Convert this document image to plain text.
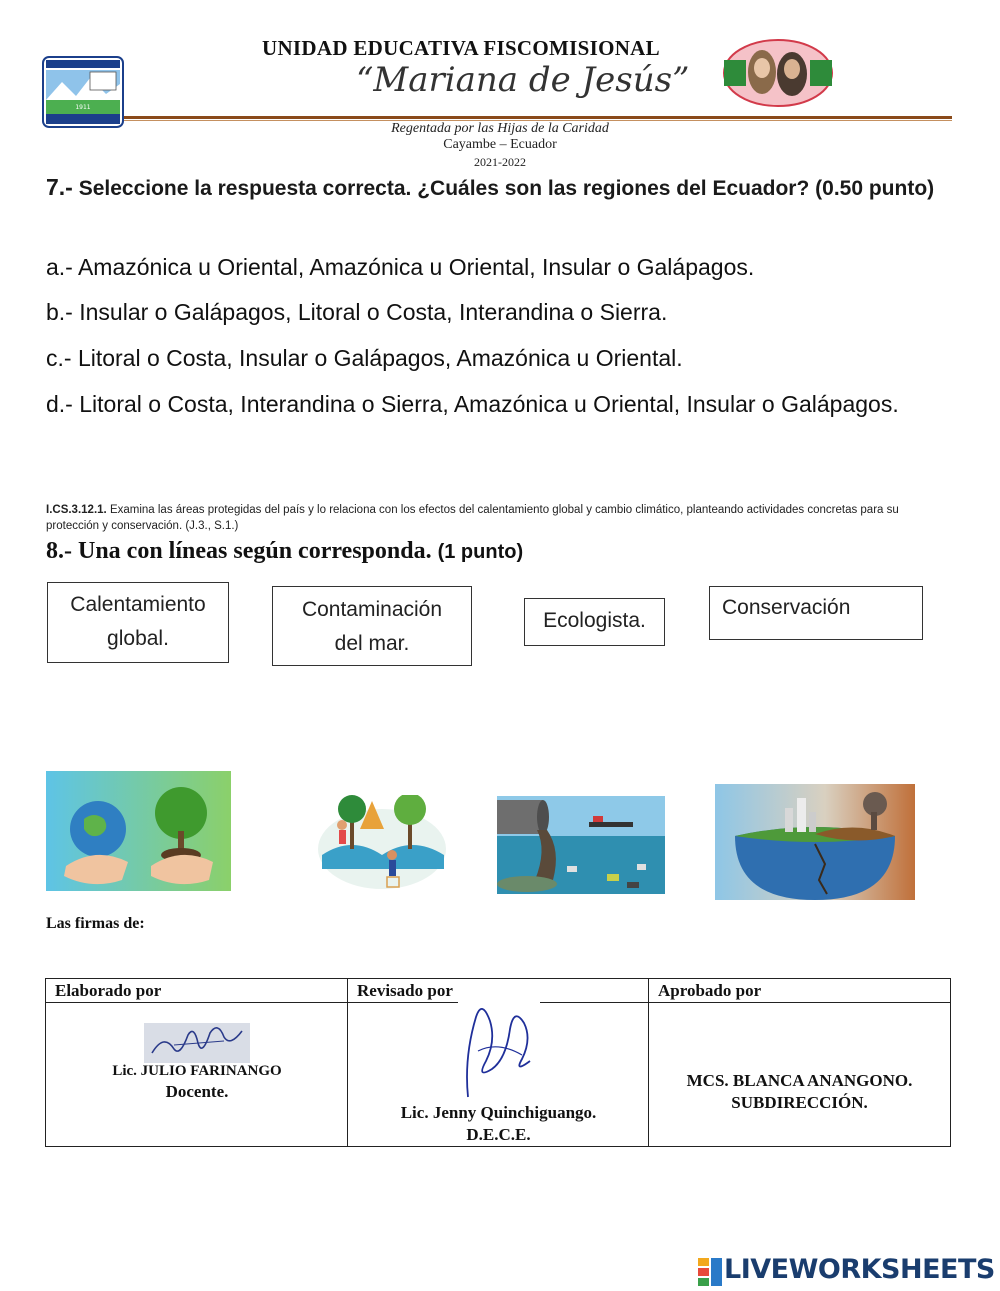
1911
UNIDAD EDUCATIVA FISCOMISIONAL
“Mariana de Jesús”
Regentada por las Hijas de la Caridad
Cayambe – Ecuador
2021-2022
7.- Seleccione la respuesta correcta. ¿Cuáles son las regiones del Ecuador? (0.50 punto)
a.- Amazónica u Oriental, Amazónica u Oriental, Insular o Galápagos.
b.- Insular o Galápagos, Litoral o Costa, Interandina o Sierra.
c.- Litoral o Costa, Insular o Galápagos, Amazónica u Oriental.
d.- Litoral o Costa, Interandina o Sierra, Amazónica u Oriental, Insular o Galápagos.
I.CS.3.12.1. Examina las áreas protegidas del país y lo relaciona con los efectos del calentamiento global y cambio climático, planteando actividades concretas para su protección y conservación. (J.3., S.1.)
8.- Una con líneas según corresponda. (1 punto)
Calentamiento
global.
Contaminación
del mar.
Ecologista.
Conservación
Las firmas de:
Elaborado por	Revisado por	Aprobado por
Lic. JULIO FARINANGO
Docente.
Lic. Jenny Quinchiguango.
D.E.C.E.
MCS. BLANCA ANANGONO.
SUBDIRECCIÓN.
LIVEWORKSHEETS
